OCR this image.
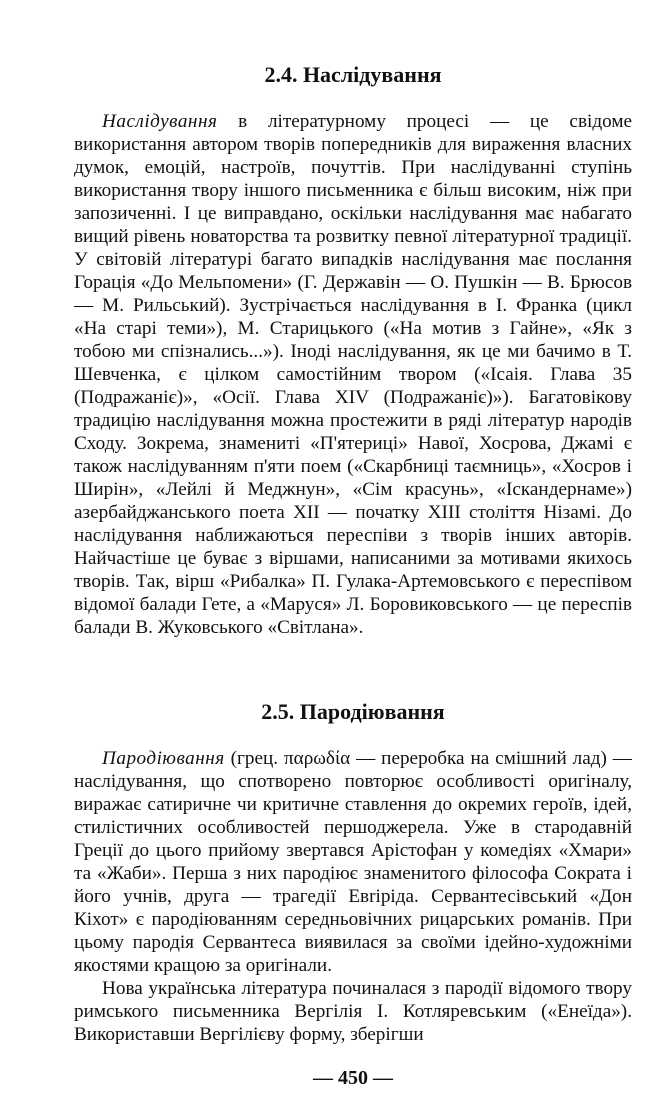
2.4. Наслідування

Наслідування в літературному процесі — це свідоме використання автором творів попередників для вираження власних думок, емоцій, настроїв, почуттів. При наслідуванні ступінь використання твору іншого письменника є більш високим, ніж при запозиченні. І це виправдано, оскільки наслідування має набагато вищий рівень новаторства та розвитку певної літературної традиції. У світовій літературі багато випадків наслідування має послання Горація «До Мельпомени» (Г. Державін — О. Пушкін — В. Брюсов — М. Рильський). Зустрічається наслідування в І. Франка (цикл «На старі теми»), М. Старицького («На мотив з Гайне», «Як з тобою ми спізнались...»). Іноді наслідування, як це ми бачимо в Т. Шевченка, є цілком самостійним твором («Ісаія. Глава 35 (Подражаніє)», «Осії. Глава XIV (Подражаніє)»). Багатовікову традицію наслідування можна простежити в ряді літератур народів Сходу. Зокрема, знамениті «П'ятериці» Навої, Хосрова, Джамі є також наслідуванням п'яти поем («Скарбниці таємниць», «Хосров і Ширін», «Лейлі й Меджнун», «Сім красунь», «Іскандернаме») азербайджанського поета XII — початку XIII століття Нізамі. До наслідування наближаються переспіви з творів інших авторів. Найчастіше це буває з віршами, написаними за мотивами якихось творів. Так, вірш «Рибалка» П. Гулака-Артемовського є переспівом відомої балади Гете, а «Маруся» Л. Боровиковського — це переспів балади В. Жуковського «Світлана».

2.5. Пародіювання

Пародіювання (грец. παρωδία — переробка на смішний лад) — наслідування, що спотворено повторює особливості оригіналу, виражає сатиричне чи критичне ставлення до окремих героїв, ідей, стилістичних особливостей першоджерела. Уже в стародавній Греції до цього прийому звертався Арістофан у комедіях «Хмари» та «Жаби». Перша з них пародіює знаменитого філософа Сократа і його учнів, друга — трагедії Евripiда. Сервантесівський «Дон Кіхот» є пародіюванням середньовічних рицарських романів. При цьому пародія Сервантеса виявилася за своїми ідейно-художніми якостями кращою за оригінали.

Нова українська література починалася з пародії відомого твору римського письменника Вергілія І. Котляревським («Енеїда»). Використавши Вергілієву форму, зберігши

— 450 —
